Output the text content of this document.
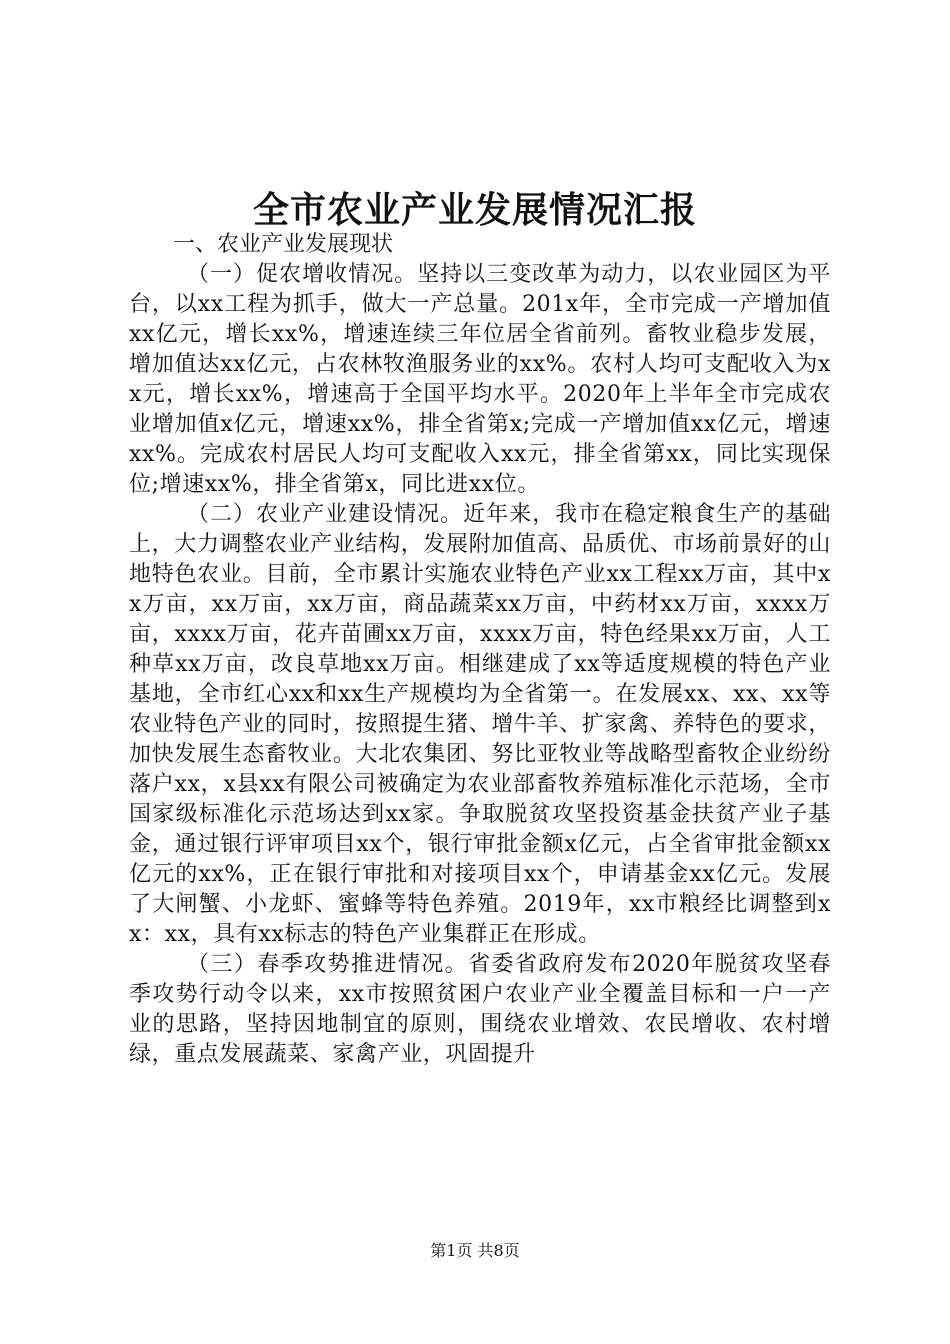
全市农业产业发展情况汇报

一、农业产业发展现状

（一）促农增收情况。坚持以三变改革为动力，以农业园区为平台，以xx工程为抓手，做大一产总量。201x年，全市完成一产增加值xx亿元，增长xx%，增速连续三年位居全省前列。畜牧业稳步发展，增加值达xx亿元，占农林牧渔服务业的xx%。农村人均可支配收入为xx元，增长xx%，增速高于全国平均水平。2020年上半年全市完成农业增加值x亿元，增速xx%，排全省第x;完成一产增加值xx亿元，增速xx%。完成农村居民人均可支配收入xx元，排全省第xx，同比实现保位;增速xx%，排全省第x，同比进xx位。

（二）农业产业建设情况。近年来，我市在稳定粮食生产的基础上，大力调整农业产业结构，发展附加值高、品质优、市场前景好的山地特色农业。目前，全市累计实施农业特色产业xx工程xx万亩，其中xx万亩，xx万亩，xx万亩，商品蔬菜xx万亩，中药材xx万亩，xxxx万亩，xxxx万亩，花卉苗圃xx万亩，xxxx万亩，特色经果xx万亩，人工种草xx万亩，改良草地xx万亩。相继建成了xx等适度规模的特色产业基地，全市红心xx和xx生产规模均为全省第一。在发展xx、xx、xx等农业特色产业的同时，按照提生猪、增牛羊、扩家禽、养特色的要求，加快发展生态畜牧业。大北农集团、努比亚牧业等战略型畜牧企业纷纷落户xx，x县xx有限公司被确定为农业部畜牧养殖标准化示范场，全市国家级标准化示范场达到xx家。争取脱贫攻坚投资基金扶贫产业子基金，通过银行评审项目xx个，银行审批金额x亿元，占全省审批金额xx亿元的xx%，正在银行审批和对接项目xx个，申请基金xx亿元。发展了大闸蟹、小龙虾、蜜蜂等特色养殖。2019年，xx市粮经比调整到xx：xx，具有xx标志的特色产业集群正在形成。

（三）春季攻势推进情况。省委省政府发布2020年脱贫攻坚春季攻势行动令以来，xx市按照贫困户农业产业全覆盖目标和一户一产业的思路，坚持因地制宜的原则，围绕农业增效、农民增收、农村增绿，重点发展蔬菜、家禽产业，巩固提升

第1页 共8页
